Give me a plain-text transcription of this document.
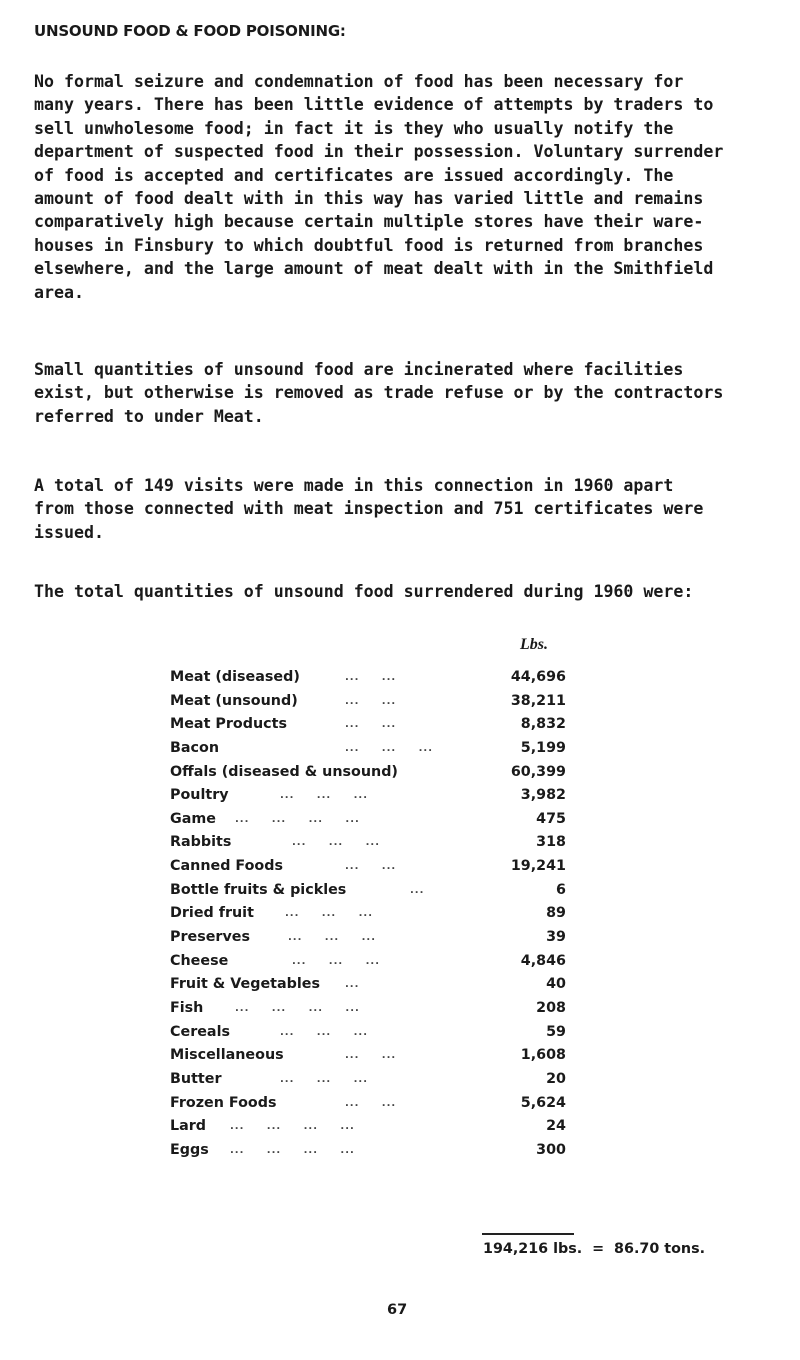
UNSOUND FOOD & FOOD POISONING:
No formal seizure and condemnation of food has been necessary for
many years. There has been little evidence of attempts by traders to
sell unwholesome food; in fact it is they who usually notify the
department of suspected food in their possession. Voluntary surrender
of food is accepted and certificates are issued accordingly. The
amount of food dealt with in this way has varied little and remains
comparatively high because certain multiple stores have their ware-
houses in Finsbury to which doubtful food is returned from branches
elsewhere, and the large amount of meat dealt with in the Smithfield
area.
Small quantities of unsound food are incinerated where facilities
exist, but otherwise is removed as trade refuse or by the contractors
referred to under Meat.
A total of 149 visits were made in this connection in 1960 apart
from those connected with meat inspection and 751 certificates were
issued.
The total quantities of unsound food surrendered during 1960 were:
Lbs.
Meat (diseased)	...     ...	44,696
Meat (unsound)	...     ...	38,211
Meat Products	...     ...	8,832
Bacon	...     ...     ...	5,199
Offals (diseased & unsound)	60,399
Poultry	...     ...     ...	3,982
Game ...     ...     ...     ...	475
Rabbits	...     ...     ...	318
Canned Foods	...     ...	19,241
Bottle fruits & pickles	...	6
Dried fruit	...     ...     ...	89
Preserves	...     ...     ...	39
Cheese	...     ...     ...	4,846
Fruit & Vegetables	...	40
Fish	...     ...     ...     ...	208
Cereals	...     ...     ...	59
Miscellaneous	...     ...	1,608
Butter	...     ...     ...	20
Frozen Foods	...     ...	5,624
Lard ...     ...     ...     ...	24
Eggs ...     ...     ...     ...	300
194,216 lbs.  =  86.70 tons.
67
